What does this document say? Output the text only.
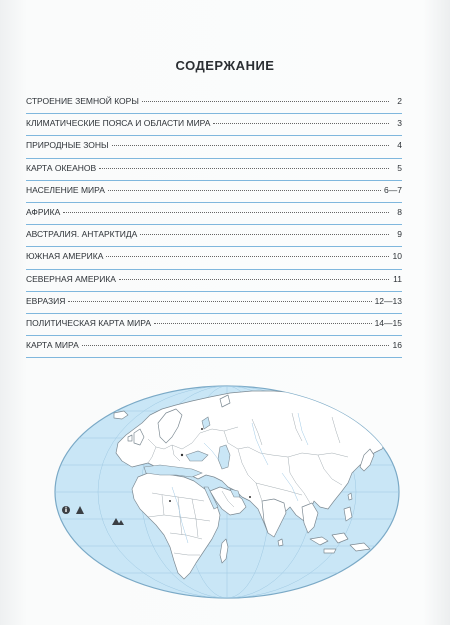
СОДЕРЖАНИЕ
СТРОЕНИЕ ЗЕМНОЙ КОРЫ	2
КЛИМАТИЧЕСКИЕ ПОЯСА И ОБЛАСТИ МИРА	3
ПРИРОДНЫЕ ЗОНЫ	4
КАРТА ОКЕАНОВ	5
НАСЕЛЕНИЕ МИРА	6—7
АФРИКА	8
АВСТРАЛИЯ. АНТАРКТИДА	9
ЮЖНАЯ АМЕРИКА	10
СЕВЕРНАЯ АМЕРИКА	11
ЕВРАЗИЯ	12—13
ПОЛИТИЧЕСКАЯ КАРТА МИРА	14—15
КАРТА МИРА	16
